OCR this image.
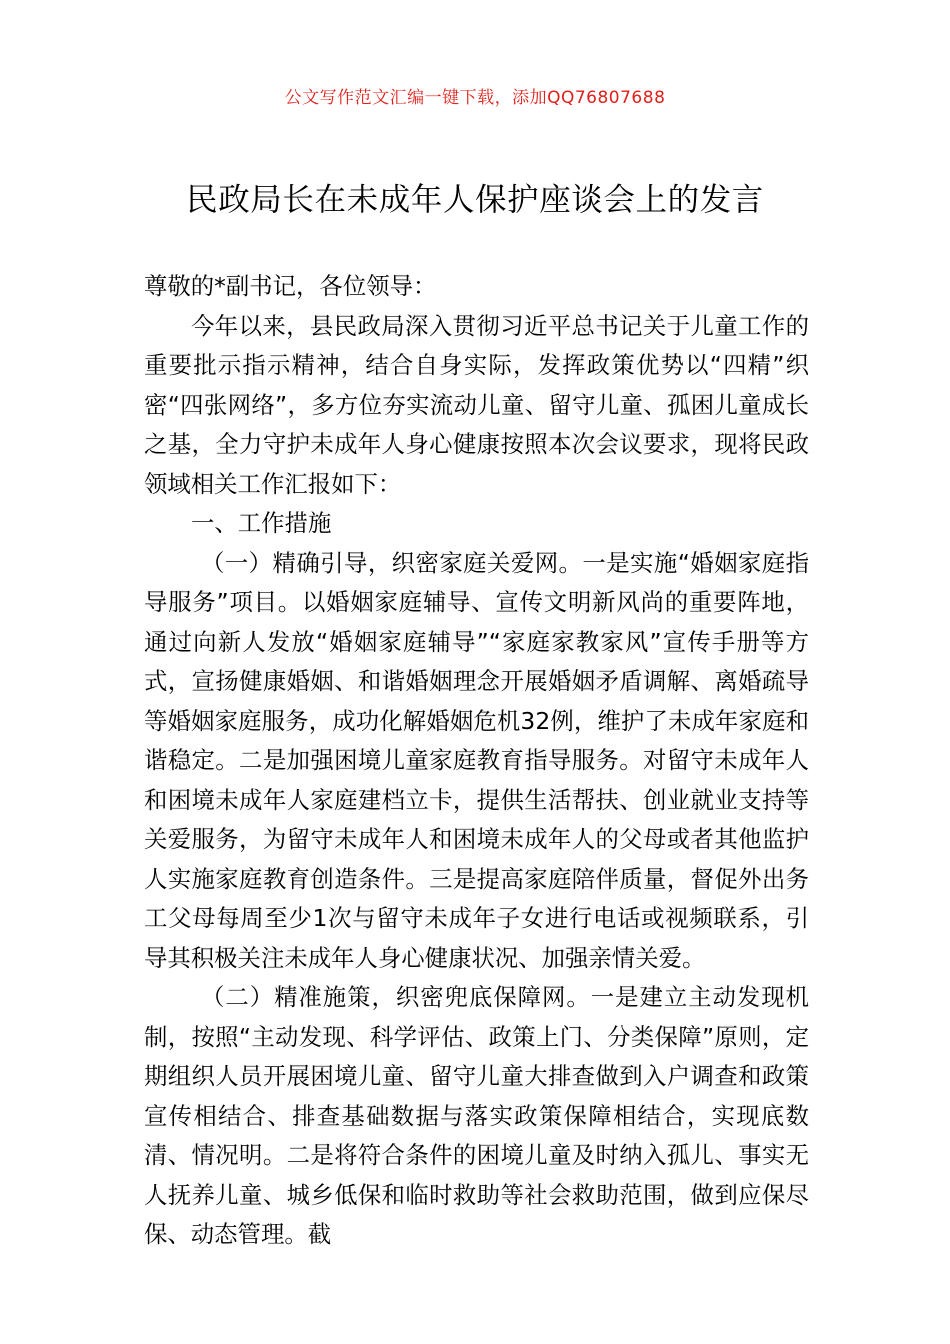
公文写作范文汇编一键下载，添加QQ76807688
民政局长在未成年人保护座谈会上的发言

尊敬的*副书记，各位领导：

今年以来，县民政局深入贯彻习近平总书记关于儿童工作的重要批示指示精神，结合自身实际，发挥政策优势以“四精”织密“四张网络”，多方位夯实流动儿童、留守儿童、孤困儿童成长之基，全力守护未成年人身心健康按照本次会议要求，现将民政领域相关工作汇报如下：

一、工作措施

（一）精确引导，织密家庭关爱网。一是实施“婚姻家庭指导服务”项目。以婚姻家庭辅导、宣传文明新风尚的重要阵地，通过向新人发放“婚姻家庭辅导”“家庭家教家风”宣传手册等方式，宣扬健康婚姻、和谐婚姻理念开展婚姻矛盾调解、离婚疏导等婚姻家庭服务，成功化解婚姻危机32例，维护了未成年家庭和谐稳定。二是加强困境儿童家庭教育指导服务。对留守未成年人和困境未成年人家庭建档立卡，提供生活帮扶、创业就业支持等关爱服务，为留守未成年人和困境未成年人的父母或者其他监护人实施家庭教育创造条件。三是提高家庭陪伴质量，督促外出务工父母每周至少1次与留守未成年子女进行电话或视频联系，引导其积极关注未成年人身心健康状况、加强亲情关爱。

（二）精准施策，织密兜底保障网。一是建立主动发现机制，按照“主动发现、科学评估、政策上门、分类保障”原则，定期组织人员开展困境儿童、留守儿童大排查做到入户调查和政策宣传相结合、排查基础数据与落实政策保障相结合，实现底数清、情况明。二是将符合条件的困境儿童及时纳入孤儿、事实无人抚养儿童、城乡低保和临时救助等社会救助范围，做到应保尽保、动态管理。截
